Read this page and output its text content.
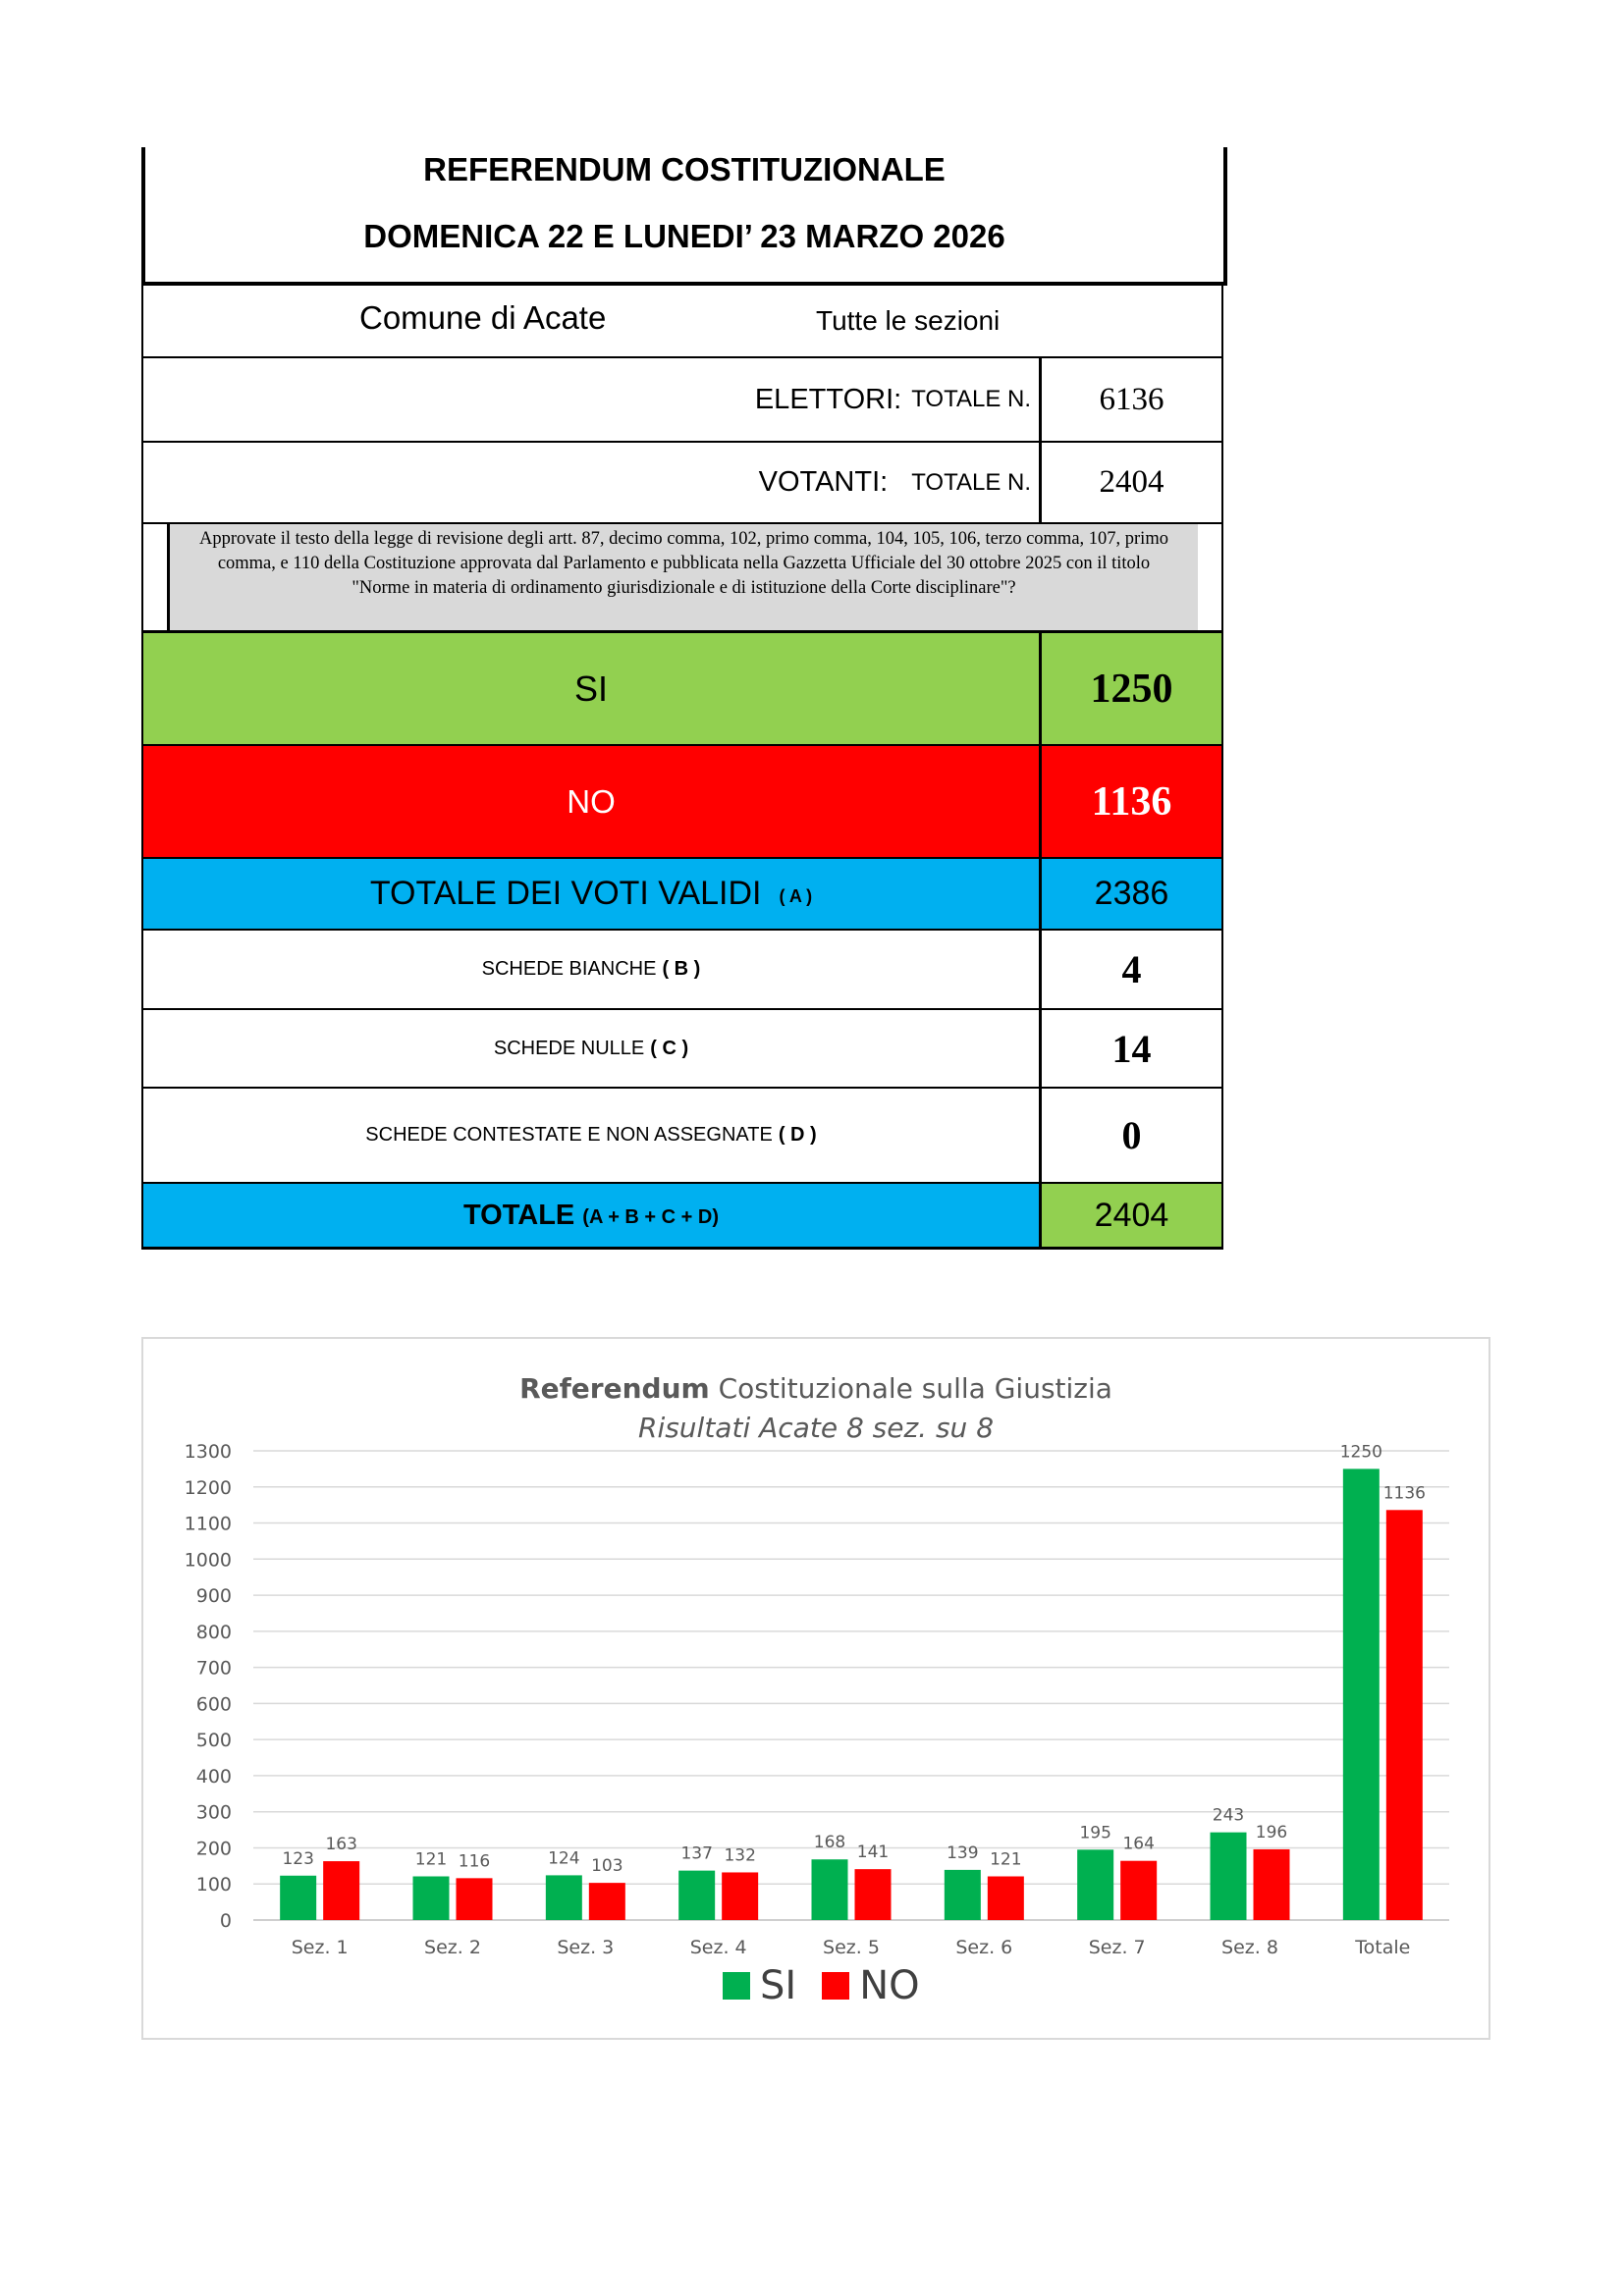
REFERENDUM COSTITUZIONALE
DOMENICA 22 E LUNEDI’ 23 MARZO 2026
Comune di Acate	Tutte le sezioni
ELETTORI: TOTALE N. 6136
VOTANTI: TOTALE N. 2404
Approvate il testo della legge di revisione degli artt. 87, decimo comma, 102, primo comma, 104, 105, 106, terzo comma, 107, primo comma, e 110 della Costituzione approvata dal Parlamento e pubblicata nella Gazzetta Ufficiale del 30 ottobre 2025 con il titolo "Norme in materia di ordinamento giurisdizionale e di istituzione della Corte disciplinare"?
SI	1250
NO	1136
TOTALE DEI VOTI VALIDI ( A )	2386
SCHEDE BIANCHE ( B )	4
SCHEDE NULLE ( C )	14
SCHEDE CONTESTATE E NON ASSEGNATE ( D )	0
TOTALE (A + B + C + D)	2404
Referendum Costituzionale sulla Giustizia
Risultati Acate 8 sez. su 8
0
100
200
300
400
500
600
700
800
900
1000
1100
1200
1300
123
163
Sez. 1
121 116
Sez. 2
124 103
Sez. 3
137 132
Sez. 4
168 141
Sez. 5
139 121
Sez. 6
195
164
Sez. 7
243
196
Sez. 8
1250
1136
Totale
SI NO
